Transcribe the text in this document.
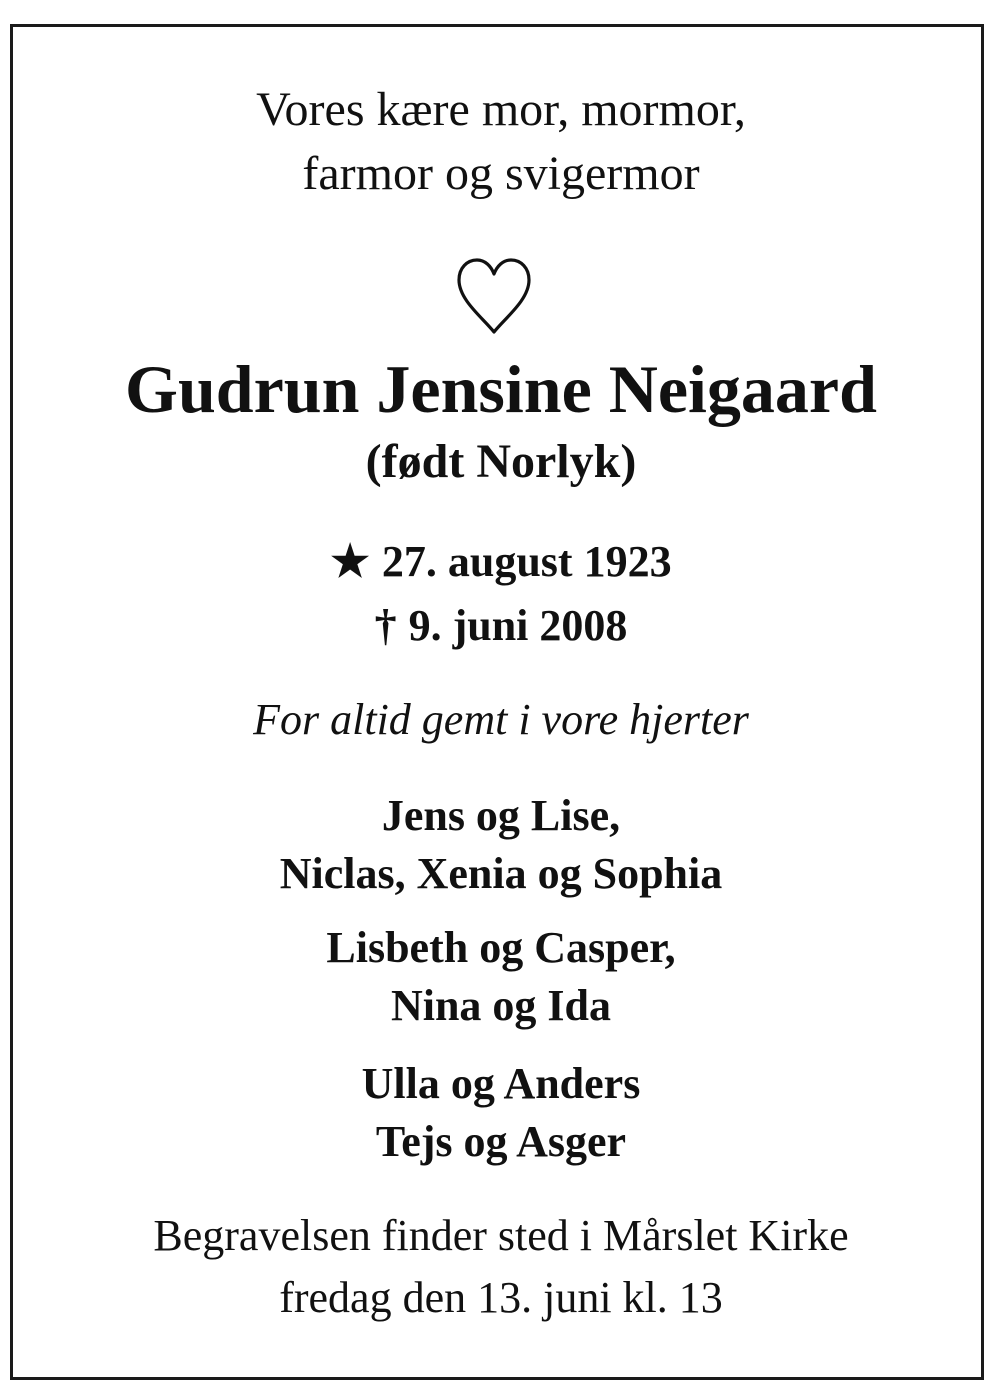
Vores kære mor, mormor,
farmor og svigermor
Gudrun Jensine Neigaard
(født Norlyk)
★ 27. august 1923
† 9. juni 2008
For altid gemt i vore hjerter
Jens og Lise,
Niclas, Xenia og Sophia
Lisbeth og Casper,
Nina og Ida
Ulla og Anders
Tejs og Asger
Begravelsen finder sted i Mårslet Kirke
fredag den 13. juni kl. 13
